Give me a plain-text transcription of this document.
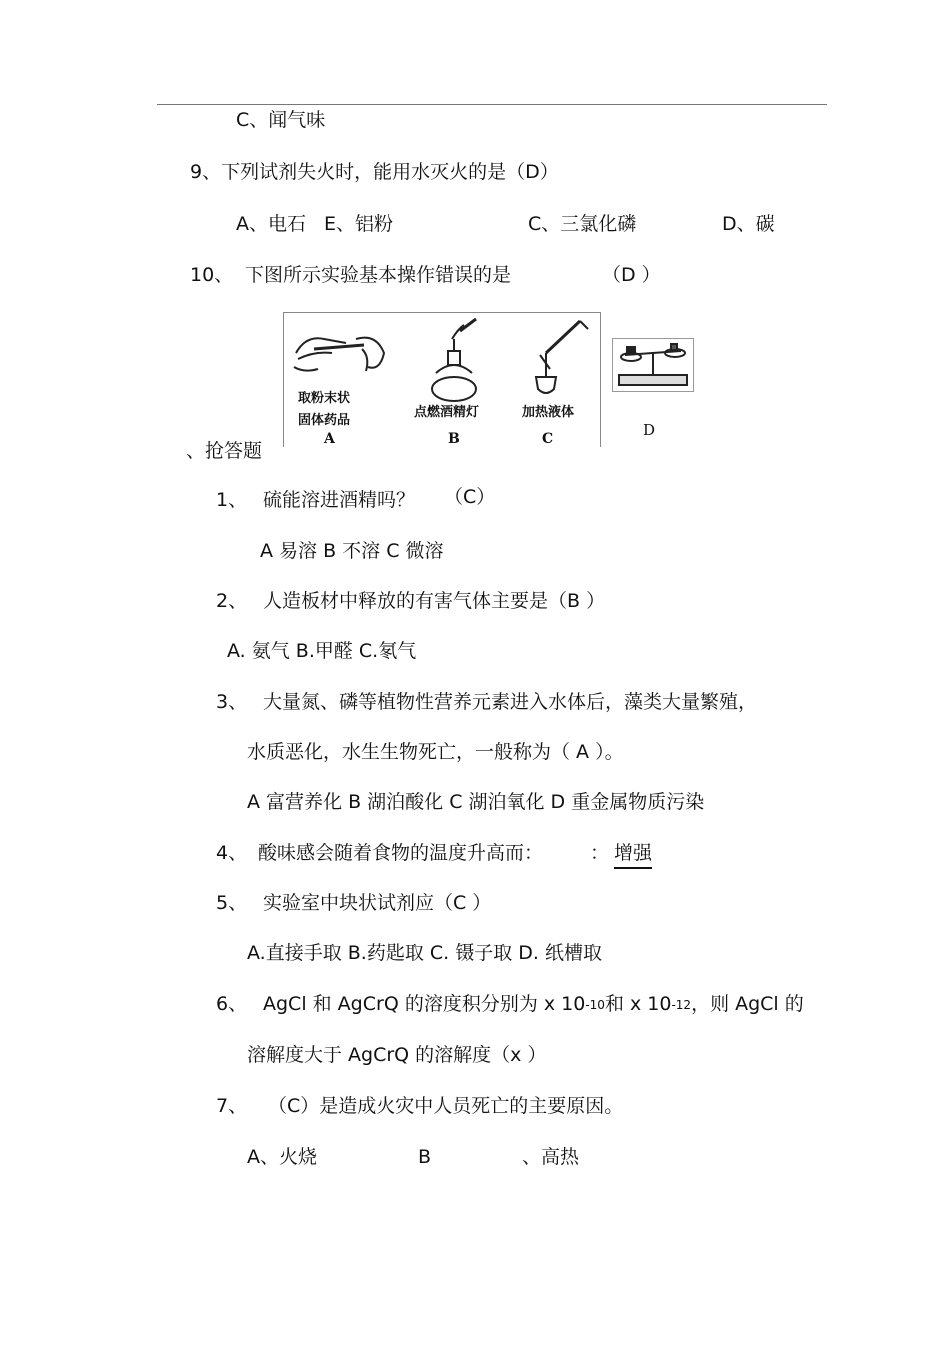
C、闻气味
9、下列试剂失火时，能用水灭火的是（D）
A、电石 E、铝粉	C、三氯化磷	D、碳
10、 下图所示实验基本操作错误的是	（D ）
取粉末状
固体药品
A
点燃酒精灯
B
加热液体
C	D
、抢答题
1、 硫能溶进酒精吗？ （C）
A 易溶 B 不溶 C 微溶
2、 人造板材中释放的有害气体主要是（B ）
A. 氨气 B.甲醛 C.氡气
3、 大量氮、磷等植物性营养元素进入水体后，藻类大量繁殖，
水质恶化，水生生物死亡，一般称为（ A ）。
A 富营养化 B 湖泊酸化 C 湖泊氧化 D 重金属物质污染
4、 酸味感会随着食物的温度升高而： ： 增强
5、 实验室中块状试剂应（C ）
A.直接手取 B.药匙取 C. 镊子取 D. 纸槽取
6、 AgCl 和 AgCrQ 的溶度积分别为 x $10_{-10}$和 x $10_{-12}$，则 AgCl 的
溶解度大于 AgCrQ 的溶解度（x ）
7、 （C）是造成火灾中人员死亡的主要原因。
A、火烧	B	、高热
